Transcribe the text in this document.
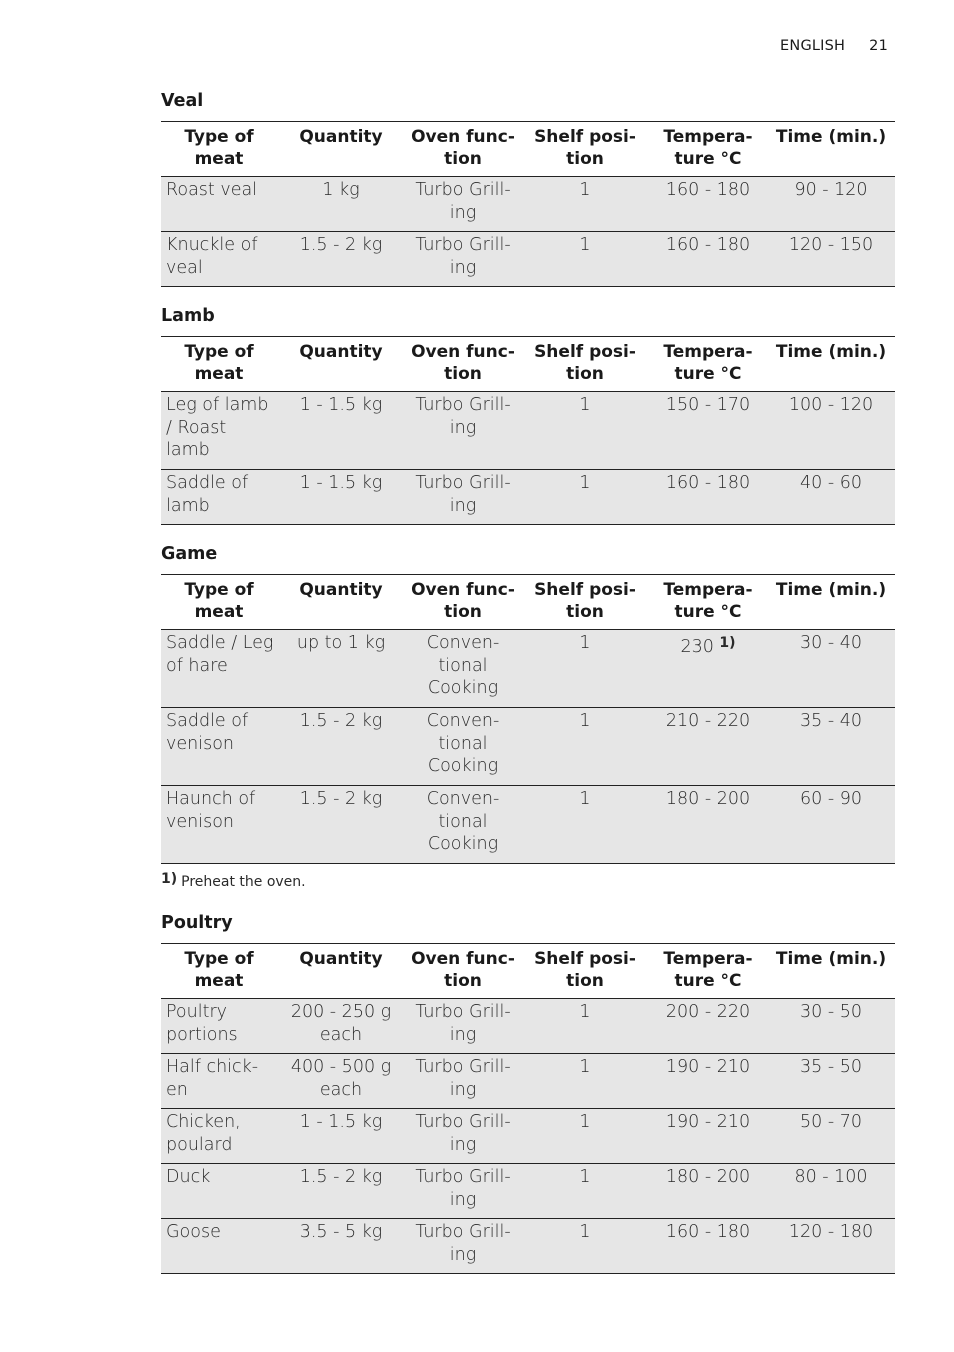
ENGLISH 21
Veal
Type of meat	Quantity	Oven func-tion	Shelf posi-tion	Tempera-ture °C	Time (min.)
Roast veal	1 kg	Turbo Grill-ing	1	160 - 180	90 - 120
Knuckle of veal	1.5 - 2 kg	Turbo Grill-ing	1	160 - 180	120 - 150
Lamb
Type of meat	Quantity	Oven func-tion	Shelf posi-tion	Tempera-ture °C	Time (min.)
Leg of lamb / Roast lamb	1 - 1.5 kg	Turbo Grill-ing	1	150 - 170	100 - 120
Saddle of lamb	1 - 1.5 kg	Turbo Grill-ing	1	160 - 180	40 - 60
Game
Type of meat	Quantity	Oven func-tion	Shelf posi-tion	Tempera-ture °C	Time (min.)
Saddle / Leg of hare	up to 1 kg	Conven-tional Cooking	1	230 $^{1)}$	30 - 40
Saddle of venison	1.5 - 2 kg	Conven-tional Cooking	1	210 - 220	35 - 40
Haunch of venison	1.5 - 2 kg	Conven-tional Cooking	1	180 - 200	60 - 90
1) Preheat the oven.
Poultry
Type of meat	Quantity	Oven func-tion	Shelf posi-tion	Tempera-ture °C	Time (min.)
Poultry portions	200 - 250 g each	Turbo Grill-ing	1	200 - 220	30 - 50
Half chick-en	400 - 500 g each	Turbo Grill-ing	1	190 - 210	35 - 50
Chicken, poulard	1 - 1.5 kg	Turbo Grill-ing	1	190 - 210	50 - 70
Duck	1.5 - 2 kg	Turbo Grill-ing	1	180 - 200	80 - 100
Goose	3.5 - 5 kg	Turbo Grill-ing	1	160 - 180	120 - 180
